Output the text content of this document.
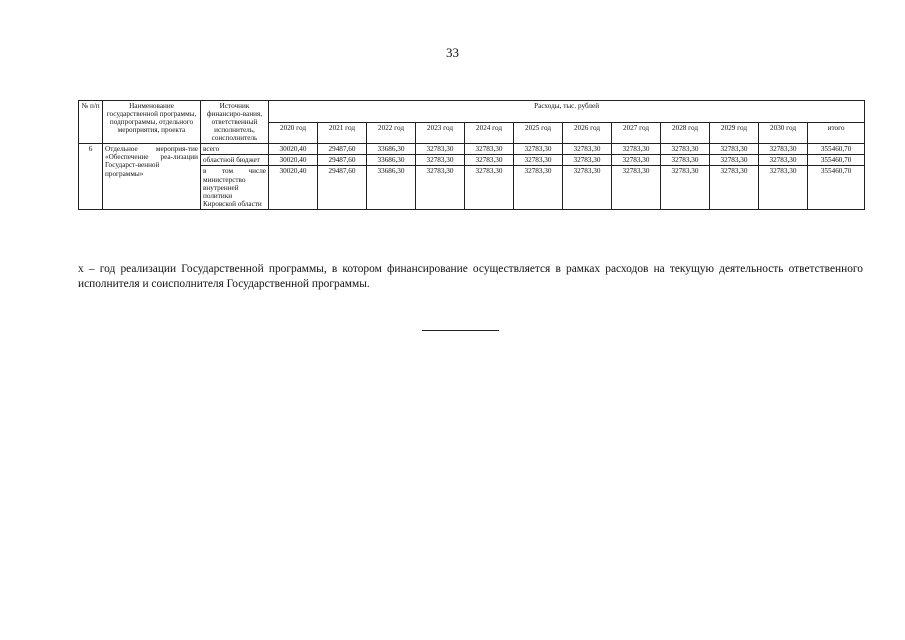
33
№ п/п	Наименование государственной программы, подпрограммы, отдельного мероприятия, проекта	Источник финансиро-вания, ответственный исполнитель, соисполнитель	Расходы, тыс. рублей											
			2020 год	2021 год	2022 год	2023 год	2024 год	2025 год	2026 год	2027 год	2028 год	2029 год	2030 год	итого
6	Отдельное мероприя-тие «Обеспечение реа-лизации Государст-венной программы»	всего	30020,40	29487,60	33686,30	32783,30	32783,30	32783,30	32783,30	32783,30	32783,30	32783,30	32783,30	355460,70
		областной бюджет	30020,40	29487,60	33686,30	32783,30	32783,30	32783,30	32783,30	32783,30	32783,30	32783,30	32783,30	355460,70
		в том числе министерство внутренней политики Кировской области	30020,40	29487,60	33686,30	32783,30	32783,30	32783,30	32783,30	32783,30	32783,30	32783,30	32783,30	355460,70
х – год реализации Государственной программы, в котором финансирование осуществляется в рамках расходов на текущую деятельность ответственного исполнителя и соисполнителя Государственной программы.
